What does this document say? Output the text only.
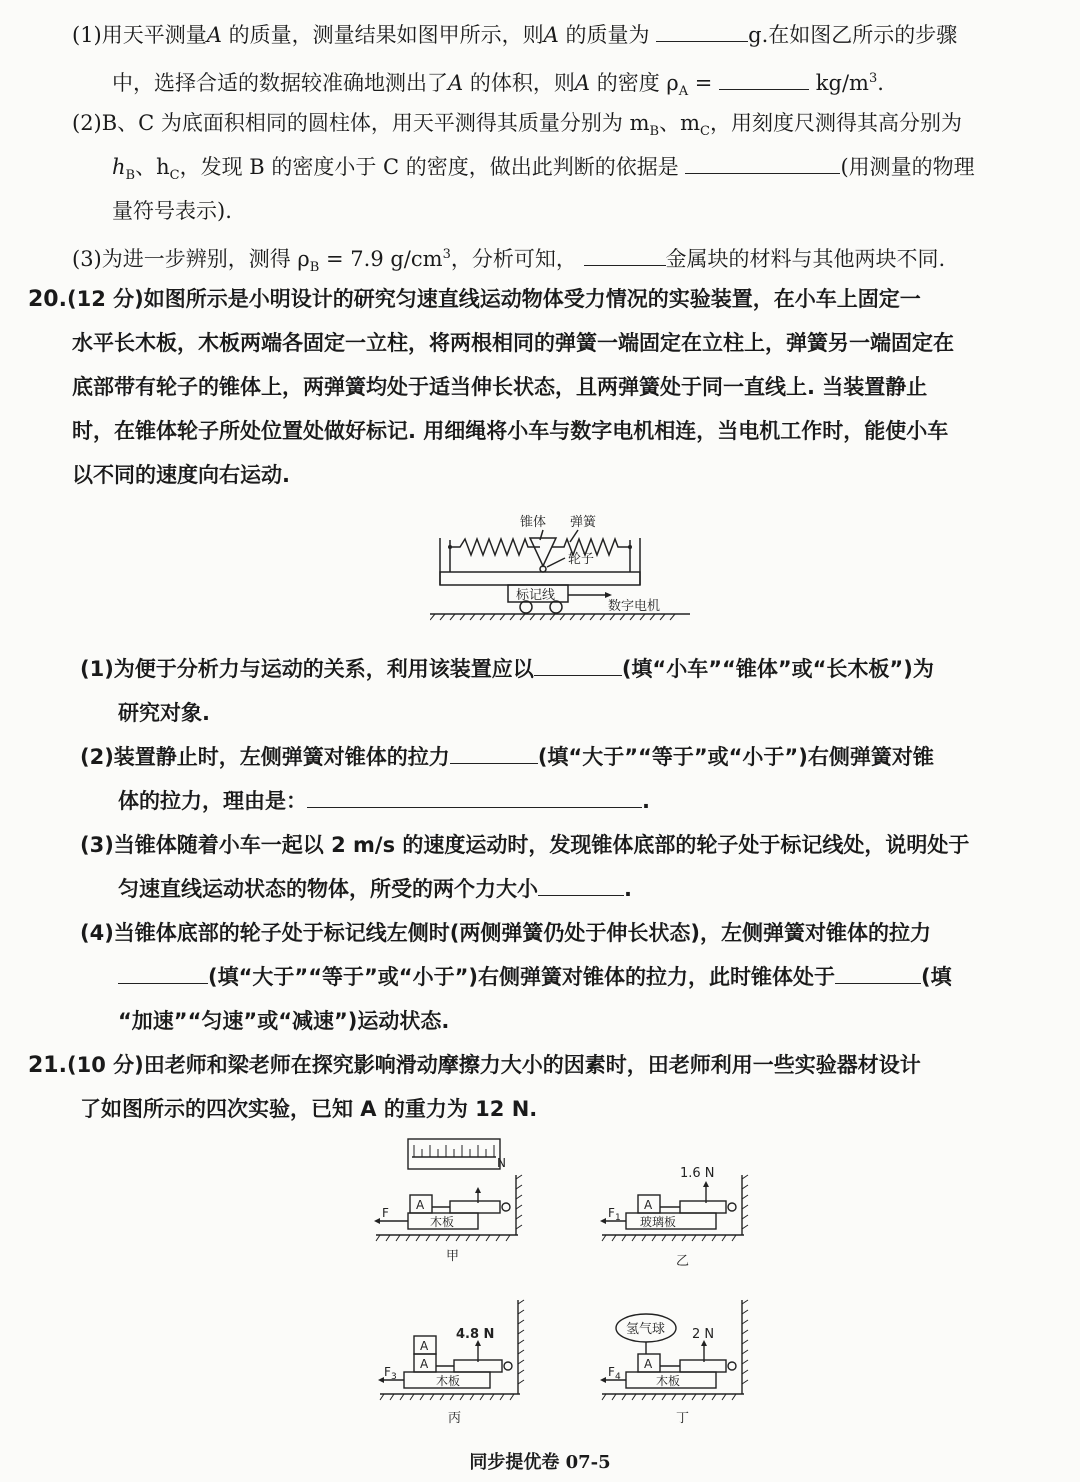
(1)用天平测量A 的质量，测量结果如图甲所示，则A 的质量为	g.在如图乙所示的步骤
中，选择合适的数据较准确地测出了A 的体积，则A 的密度 $\rho_A$ =	$kg/m^3$.
(2)B、C 为底面积相同的圆柱体，用天平测得其质量分别为 $m_B$、$m_C$，用刻度尺测得其高分别为
$h_B$、$h_C$，发现 B 的密度小于 C 的密度，做出此判断的依据是	(用测量的物理
量符号表示).
(3)为进一步辨别，测得 $\rho_B = 7.9$ $g/cm^3$，分析可知，	金属块的材料与其他两块不同.
20.(12 分)如图所示是小明设计的研究匀速直线运动物体受力情况的实验装置，在小车上固定一
水平长木板，木板两端各固定一立柱，将两根相同的弹簧一端固定在立柱上，弹簧另一端固定在
底部带有轮子的锥体上，两弹簧均处于适当伸长状态，且两弹簧处于同一直线上. 当装置静止
时，在锥体轮子所处位置处做好标记. 用细绳将小车与数字电机相连，当电机工作时，能使小车
以不同的速度向右运动.
锥体 弹簧
轮子
标记线
数字电机
(1)为便于分析力与运动的关系，利用该装置应以	(填“小车”“锥体”或“长木板”)为
研究对象.
(2)装置静止时，左侧弹簧对锥体的拉力	(填“大于”“等于”或“小于”)右侧弹簧对锥
体的拉力，理由是：	.
(3)当锥体随着小车一起以 2 m/s 的速度运动时，发现锥体底部的轮子处于标记线处，说明处于
匀速直线运动状态的物体，所受的两个力大小	.
(4)当锥体底部的轮子处于标记线左侧时(两侧弹簧仍处于伸长状态)，左侧弹簧对锥体的拉力
(填“大于”“等于”或“小于”)右侧弹簧对锥体的拉力，此时锥体处于	(填
“加速”“匀速”或“减速”)运动状态.
21.(10 分)田老师和梁老师在探究影响滑动摩擦力大小的因素时，田老师利用一些实验器材设计
了如图所示的四次实验，已知 A 的重力为 12 N.
N
A
木板
F
甲
1.6 N
A
玻璃板
F 1
乙
4.8 N
A
A
木板
F 3
丙
氢气球 2 N
A
木板
F 4
丁
同步提优卷 07-5
